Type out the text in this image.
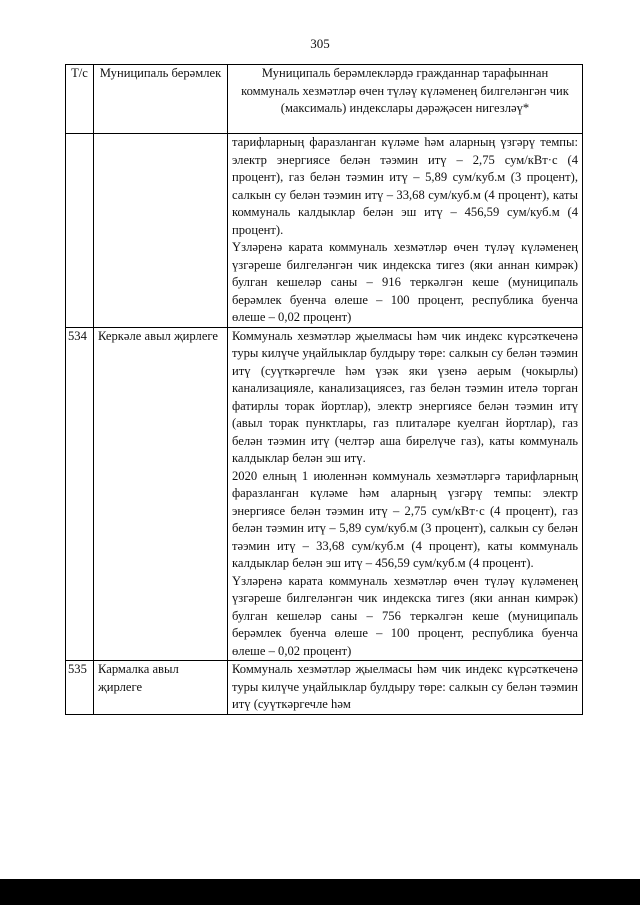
305
Т/с	Муниципаль берәмлек	Муниципаль берәмлекләрдә гражданнар тарафыннан коммуналь хезмәтләр өчен түләү күләменең билгеләнгән чик (максималь) индекслары дәрәҗәсен нигезләү*

		тарифларның фаразланган күләме һәм аларның үзгәрү темпы: электр энергиясе белән тәэмин итү – 2,75 сум/кВт·с (4 процент), газ белән тәэмин итү – 5,89 сум/куб.м (3 процент), салкын су белән тәэмин итү – 33,68 сум/куб.м (4 процент), каты коммуналь калдыклар белән эш итү – 456,59 сум/куб.м (4 процент).
Үзләренә карата коммуналь хезмәтләр өчен түләү күләменең үзгәреше билгеләнгән чик индекска тигез (яки аннан кимрәк) булган кешеләр саны – 916 теркәлгән кеше (муниципаль берәмлек буенча өлеше – 100 процент, республика буенча өлеше – 0,02 процент)

534	Керкәле авыл җирлеге	Коммуналь хезмәтләр җыелмасы һәм чик индекс күрсәткеченә туры килүче уңайлыклар булдыру төре: салкын су белән тәэмин итү (суүткәргечле һәм үзәк яки үзенә аерым (чокырлы) канализацияле, канализациясез, газ белән тәэмин ителә торган фатирлы торак йортлар), электр энергиясе белән тәэмин итү (авыл торак пунктлары, газ плиталәре куелган йортлар), газ белән тәэмин итү (челтәр аша бирелүче газ), каты коммуналь калдыклар белән эш итү.
2020 елның 1 июленнән коммуналь хезмәтләргә тарифларның фаразланган күләме һәм аларның үзгәрү темпы: электр энергиясе белән тәэмин итү – 2,75 сум/кВт·с (4 процент), газ белән тәэмин итү – 5,89 сум/куб.м (3 процент), салкын су белән тәэмин итү – 33,68 сум/куб.м (4 процент), каты коммуналь калдыклар белән эш итү – 456,59 сум/куб.м (4 процент).
Үзләренә карата коммуналь хезмәтләр өчен түләү күләменең үзгәреше билгеләнгән чик индекска тигез (яки аннан кимрәк) булган кешеләр саны – 756 теркәлгән кеше (муниципаль берәмлек буенча өлеше – 100 процент, республика буенча өлеше – 0,02 процент)

535	Кармалка авыл җирлеге	Коммуналь хезмәтләр җыелмасы һәм чик индекс күрсәткеченә туры килүче уңайлыклар булдыру төре: салкын су белән тәэмин итү (суүткәргечле һәм
